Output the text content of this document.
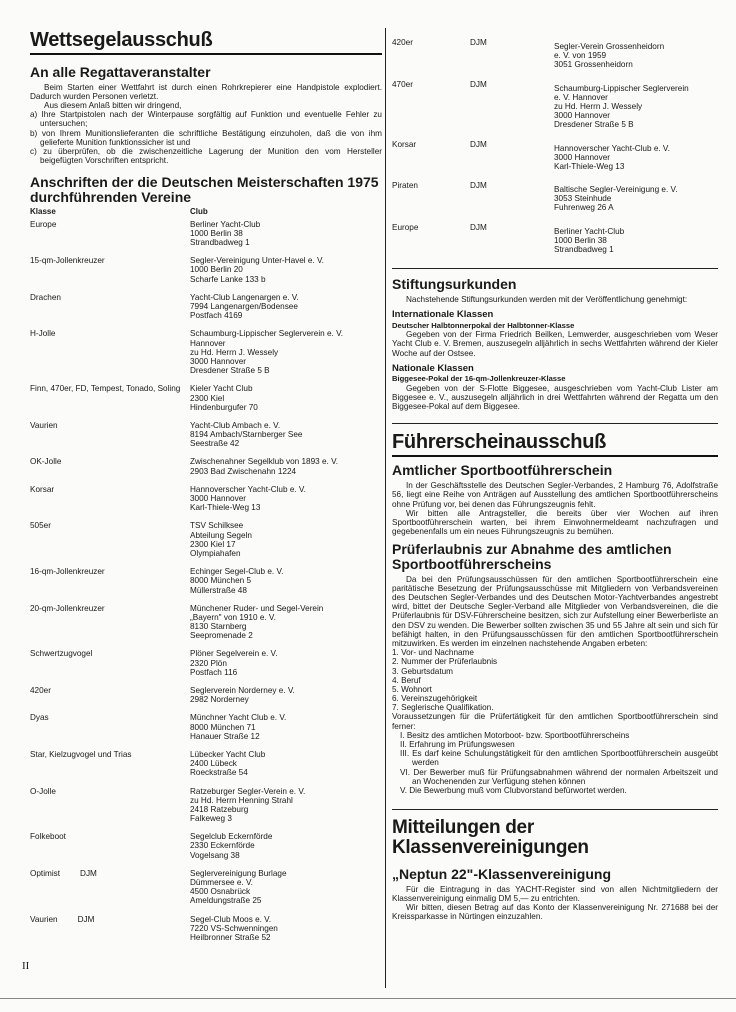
Wettsegelausschuß
An alle Regattaveranstalter

Beim Starten einer Wettfahrt ist durch einen Rohrkrepierer eine Handpistole explodiert. Dadurch wurden Personen verletzt.

Aus diesem Anlaß bitten wir dringend,

a) Ihre Startpistolen nach der Winterpause sorgfältig auf Funktion und eventuelle Fehler zu untersuchen;

b) von Ihrem Munitionslieferanten die schriftliche Bestätigung einzuholen, daß die von ihm gelieferte Munition funktionssicher ist und

c) zu überprüfen, ob die zwischenzeitliche Lagerung der Munition den vom Hersteller beigefügten Vorschriften entspricht.

Anschriften der die Deutschen Meisterschaften 1975 durchführenden Vereine
Klasse	Club
Europe	Berliner Yacht-Club
1000 Berlin 38
Strandbadweg 1
15-qm-Jollenkreuzer	Segler-Vereinigung Unter-Havel e. V.
1000 Berlin 20
Scharfe Lanke 133 b
Drachen	Yacht-Club Langenargen e. V.
7994 Langenargen/Bodensee
Postfach 4169
H-Jolle	Schaumburg-Lippischer Seglerverein e. V.
Hannover
zu Hd. Herrn J. Wessely
3000 Hannover
Dresdener Straße 5 B
Finn, 470er, FD, Tempest, Tonado, Soling	Kieler Yacht Club
2300 Kiel
Hindenburgufer 70
Vaurien	Yacht-Club Ambach e. V.
8194 Ambach/Starnberger See
Seestraße 42
OK-Jolle	Zwischenahner Segelklub von 1893 e. V.
2903 Bad Zwischenahn 1224
Korsar	Hannoverscher Yacht-Club e. V.
3000 Hannover
Karl-Thiele-Weg 13
505er	TSV Schilksee
Abteilung Segeln
2300 Kiel 17
Olympiahafen
16-qm-Jollenkreuzer	Echinger Segel-Club e. V.
8000 München 5
Müllerstraße 48
20-qm-Jollenkreuzer	Münchener Ruder- und Segel-Verein
„Bayern" von 1910 e. V.
8130 Starnberg
Seepromenade 2
Schwertzugvogel	Plöner Segelverein e. V.
2320 Plön
Postfach 116
420er	Seglerverein Norderney e. V.
2982 Norderney
Dyas	Münchner Yacht Club e. V.
8000 München 71
Hanauer Straße 12
Star, Kielzugvogel und Trias	Lübecker Yacht Club
2400 Lübeck
Roeckstraße 54
O-Jolle	Ratzeburger Segler-Verein e. V.
zu Hd. Herrn Henning Strahl
2418 Ratzeburg
Falkeweg 3
Folkeboot	Segelclub Eckernförde
2330 Eckernförde
Vogelsang 38
Optimist DJM	Seglervereinigung Burlage
Dümmersee e. V.
4500 Osnabrück
Ameldungstraße 25
Vaurien DJM	Segel-Club Moos e. V.
7220 VS-Schwenningen
Heilbronner Straße 52
420er	DJM	Segler-Verein Grossenheidorn
e. V. von 1959
3051 Grossenheidorn
470er	DJM	Schaumburg-Lippischer Seglerverein
e. V. Hannover
zu Hd. Herrn J. Wessely
3000 Hannover
Dresdener Straße 5 B
Korsar	DJM	Hannoverscher Yacht-Club e. V.
3000 Hannover
Karl-Thiele-Weg 13
Piraten	DJM	Baltische Segler-Vereinigung e. V.
3053 Steinhude
Fuhrenweg 26 A
Europe	DJM	Berliner Yacht-Club
1000 Berlin 38
Strandbadweg 1
Stiftungsurkunden

Nachstehende Stiftungsurkunden werden mit der Veröffentlichung genehmigt:

Internationale Klassen
Deutscher Halbtonnerpokal der Halbtonner-Klasse

Gegeben von der Firma Friedrich Beilken, Lemwerder, ausgeschrieben vom Weser Yacht Club e. V. Bremen, auszusegeln alljährlich in sechs Wettfahrten während der Kieler Woche auf der Ostsee.

Nationale Klassen
Biggesee-Pokal der 16-qm-Jollenkreuzer-Klasse

Gegeben von der S-Flotte Biggesee, ausgeschrieben vom Yacht-Club Lister am Biggesee e. V., auszusegeln alljährlich in drei Wettfahrten während der Regatta um den Biggesee-Pokal auf dem Biggesee.

Führerscheinausschuß
Amtlicher Sportbootführerschein

In der Geschäftsstelle des Deutschen Segler-Verbandes, 2 Hamburg 76, Adolfstraße 56, liegt eine Reihe von Anträgen auf Ausstellung des amtlichen Sportbootführerscheins ohne Prüfung vor, bei denen das Führungszeugnis fehlt.

Wir bitten alle Antragsteller, die bereits über vier Wochen auf ihren Sportbootführerschein warten, bei ihrem Einwohnermeldeamt nachzufragen und gegebenenfalls um ein neues Führungszeugnis zu bemühen.

Prüferlaubnis zur Abnahme des amtlichen Sportbootführerscheins

Da bei den Prüfungsausschüssen für den amtlichen Sportbootführerschein eine paritätische Besetzung der Prüfungsausschüsse mit Mitgliedern von Verbandsvereinen des Deutschen Segler-Verbandes und des Deutschen Motor-Yachtverbandes angestrebt wird, bittet der Deutsche Segler-Verband alle Mitglieder von Verbandsvereinen, die die Prüferlaubnis für DSV-Führerscheine besitzen, sich zur Aufstellung einer Bewerberliste an den DSV zu wenden. Die Bewerber sollten zwischen 35 und 55 Jahre alt sein und sich für befähigt halten, in den Prüfungsausschüssen für den amtlichen Sportbootführerschein mitzuwirken. Es werden im einzelnen nachstehende Angaben erbeten:

1. Vor- und Nachname
2. Nummer der Prüferlaubnis
3. Geburtsdatum
4. Beruf
5. Wohnort
6. Vereinszugehörigkeit
7. Seglerische Qualifikation.

Voraussetzungen für die Prüfertätigkeit für den amtlichen Sportbootführerschein sind ferner:

I. Besitz des amtlichen Motorboot- bzw. Sportbootführerscheins

II. Erfahrung im Prüfungswesen

III. Es darf keine Schulungstätigkeit für den amtlichen Sportbootführerschein ausgeübt werden

VI. Der Bewerber muß für Prüfungsabnahmen während der normalen Arbeitszeit und an Wochenenden zur Verfügung stehen können

V. Die Bewerbung muß vom Clubvorstand befürwortet werden.

Mitteilungen der Klassenvereinigungen
„Neptun 22"-Klassenvereinigung

Für die Eintragung in das YACHT-Register sind von allen Nichtmitgliedern der Klassenvereinigung einmalig DM 5,— zu entrichten.

Wir bitten, diesen Betrag auf das Konto der Klassenvereinigung Nr. 271688 bei der Kreissparkasse in Nürtingen einzuzahlen.

II
